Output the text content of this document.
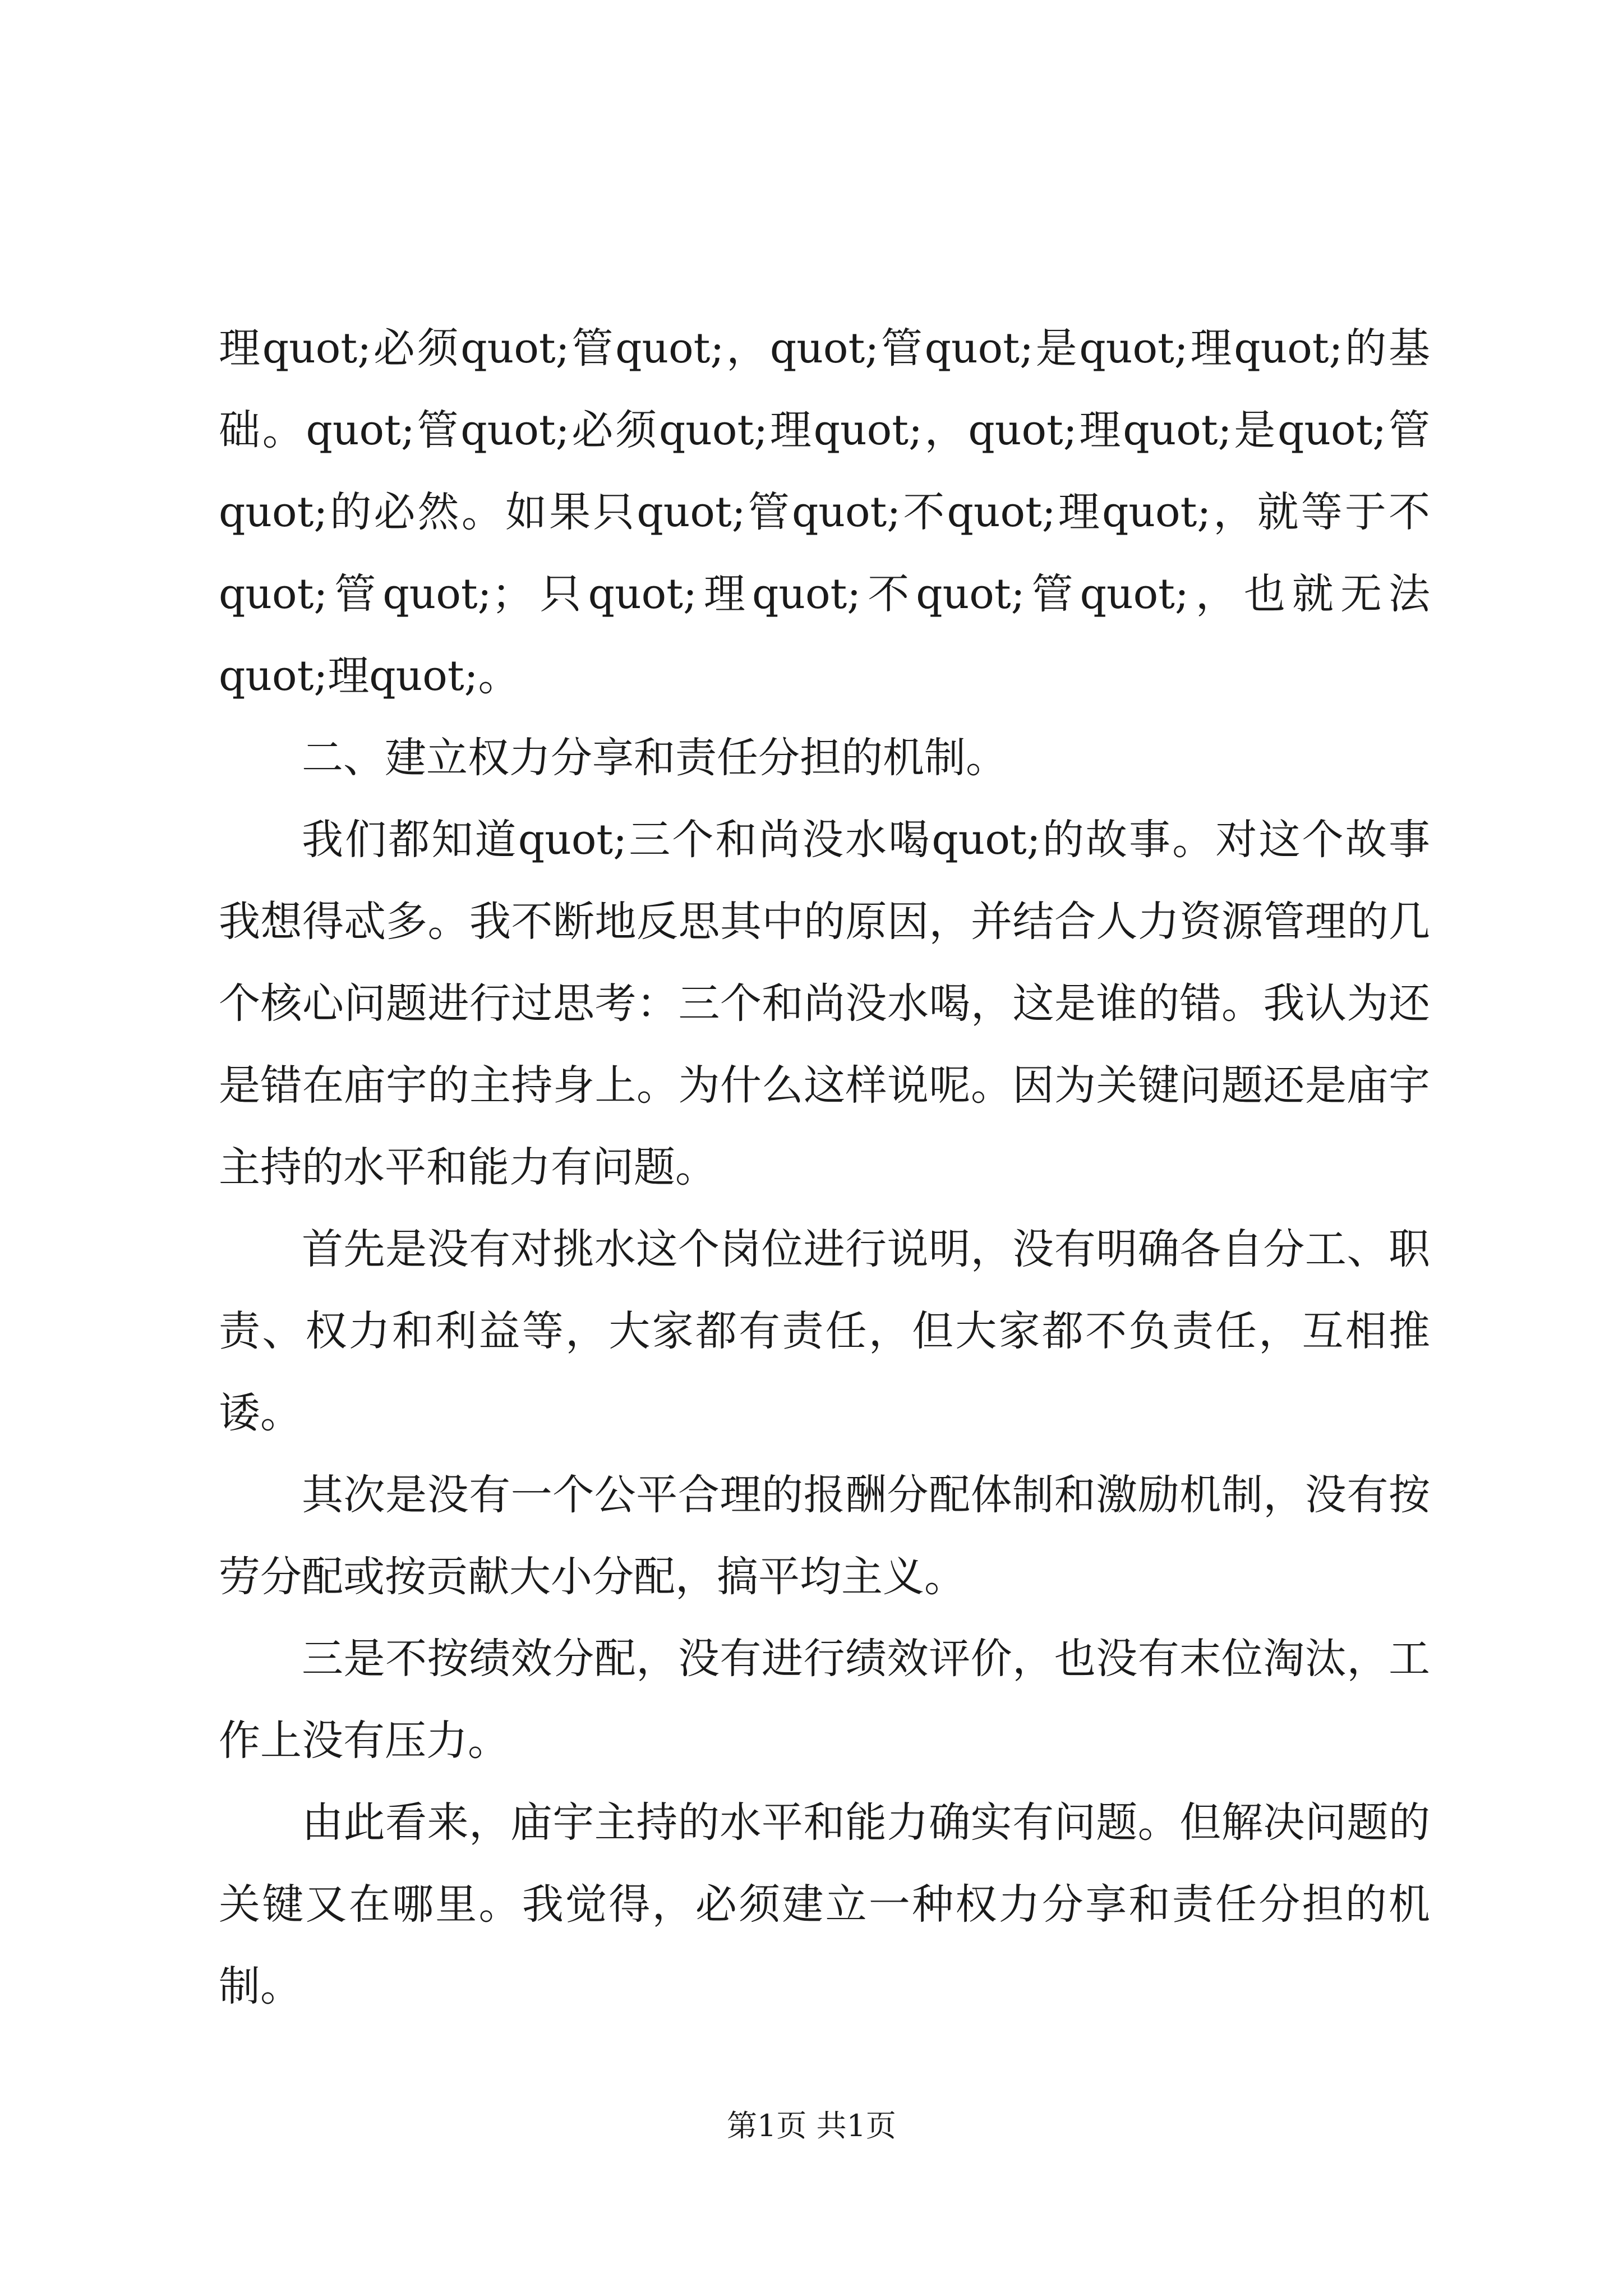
理quot;必须quot;管quot;，quot;管quot;是quot;理quot;的基础。quot;管quot;必须quot;理quot;，quot;理quot;是quot;管quot;的必然。如果只quot;管quot;不quot;理quot;，就等于不quot;管quot;；只quot;理quot;不quot;管quot;，也就无法quot;理quot;。

二、建立权力分享和责任分担的机制。

我们都知道quot;三个和尚没水喝quot;的故事。对这个故事我想得忒多。我不断地反思其中的原因，并结合人力资源管理的几个核心问题进行过思考：三个和尚没水喝，这是谁的错。我认为还是错在庙宇的主持身上。为什么这样说呢。因为关键问题还是庙宇主持的水平和能力有问题。

首先是没有对挑水这个岗位进行说明，没有明确各自分工、职责、权力和利益等，大家都有责任，但大家都不负责任，互相推诿。

其次是没有一个公平合理的报酬分配体制和激励机制，没有按劳分配或按贡献大小分配，搞平均主义。

三是不按绩效分配，没有进行绩效评价，也没有末位淘汰，工作上没有压力。

由此看来，庙宇主持的水平和能力确实有问题。但解决问题的关键又在哪里。我觉得，必须建立一种权力分享和责任分担的机制。

第1页 共1页
